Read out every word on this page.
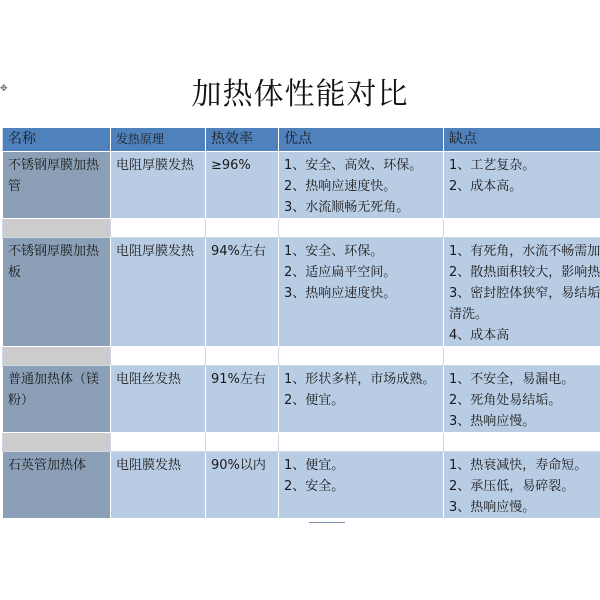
✥	加热体性能对比
名称	发热原理	热效率	优点	缺点
不锈钢厚膜加热管	电阻厚膜发热	≥96%	1、安全、高效、环保。
2、热响应速度快。
3、水流顺畅无死角。	1、工艺复杂。
2、成本高。

不锈钢厚膜加热板	电阻厚膜发热	94%左右	1、安全、环保。
2、适应扁平空间。
3、热响应速度快。	1、有死角，水流不畅需加
2、散热面积较大，影响热
3、密封腔体狭窄，易结垢
清洗。
4、成本高

普通加热体（镁粉）	电阻丝发热	91%左右	1、形状多样，市场成熟。
2、便宜。	1、不安全，易漏电。
2、死角处易结垢。
3、热响应慢。

石英管加热体	电阻膜发热	90%以内	1、便宜。
2、安全。	1、热衰减快，寿命短。
2、承压低，易碎裂。
3、热响应慢。
